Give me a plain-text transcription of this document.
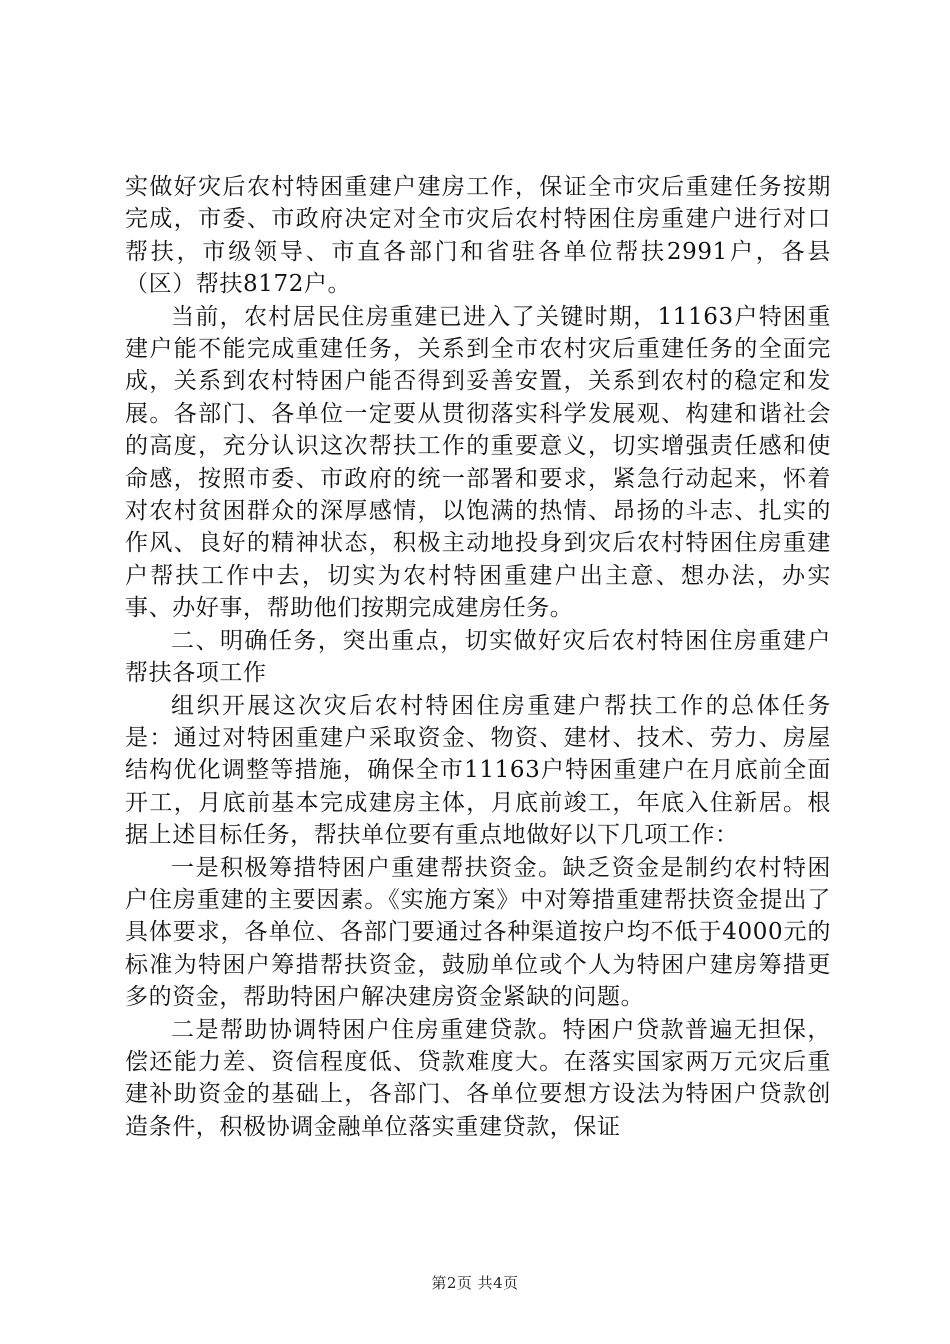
实做好灾后农村特困重建户建房工作，保证全市灾后重建任务按期完成，市委、市政府决定对全市灾后农村特困住房重建户进行对口帮扶，市级领导、市直各部门和省驻各单位帮扶2991户，各县（区）帮扶8172户。

当前，农村居民住房重建已进入了关键时期，11163户特困重建户能不能完成重建任务，关系到全市农村灾后重建任务的全面完成，关系到农村特困户能否得到妥善安置，关系到农村的稳定和发展。各部门、各单位一定要从贯彻落实科学发展观、构建和谐社会的高度，充分认识这次帮扶工作的重要意义，切实增强责任感和使命感，按照市委、市政府的统一部署和要求，紧急行动起来，怀着对农村贫困群众的深厚感情，以饱满的热情、昂扬的斗志、扎实的作风、良好的精神状态，积极主动地投身到灾后农村特困住房重建户帮扶工作中去，切实为农村特困重建户出主意、想办法，办实事、办好事，帮助他们按期完成建房任务。

二、明确任务，突出重点，切实做好灾后农村特困住房重建户帮扶各项工作

组织开展这次灾后农村特困住房重建户帮扶工作的总体任务是：通过对特困重建户采取资金、物资、建材、技术、劳力、房屋结构优化调整等措施，确保全市11163户特困重建户在月底前全面开工，月底前基本完成建房主体，月底前竣工，年底入住新居。根据上述目标任务，帮扶单位要有重点地做好以下几项工作：

一是积极筹措特困户重建帮扶资金。缺乏资金是制约农村特困户住房重建的主要因素。《实施方案》中对筹措重建帮扶资金提出了具体要求，各单位、各部门要通过各种渠道按户均不低于4000元的标准为特困户筹措帮扶资金，鼓励单位或个人为特困户建房筹措更多的资金，帮助特困户解决建房资金紧缺的问题。

二是帮助协调特困户住房重建贷款。特困户贷款普遍无担保，偿还能力差、资信程度低、贷款难度大。在落实国家两万元灾后重建补助资金的基础上，各部门、各单位要想方设法为特困户贷款创造条件，积极协调金融单位落实重建贷款，保证

第2页 共4页
